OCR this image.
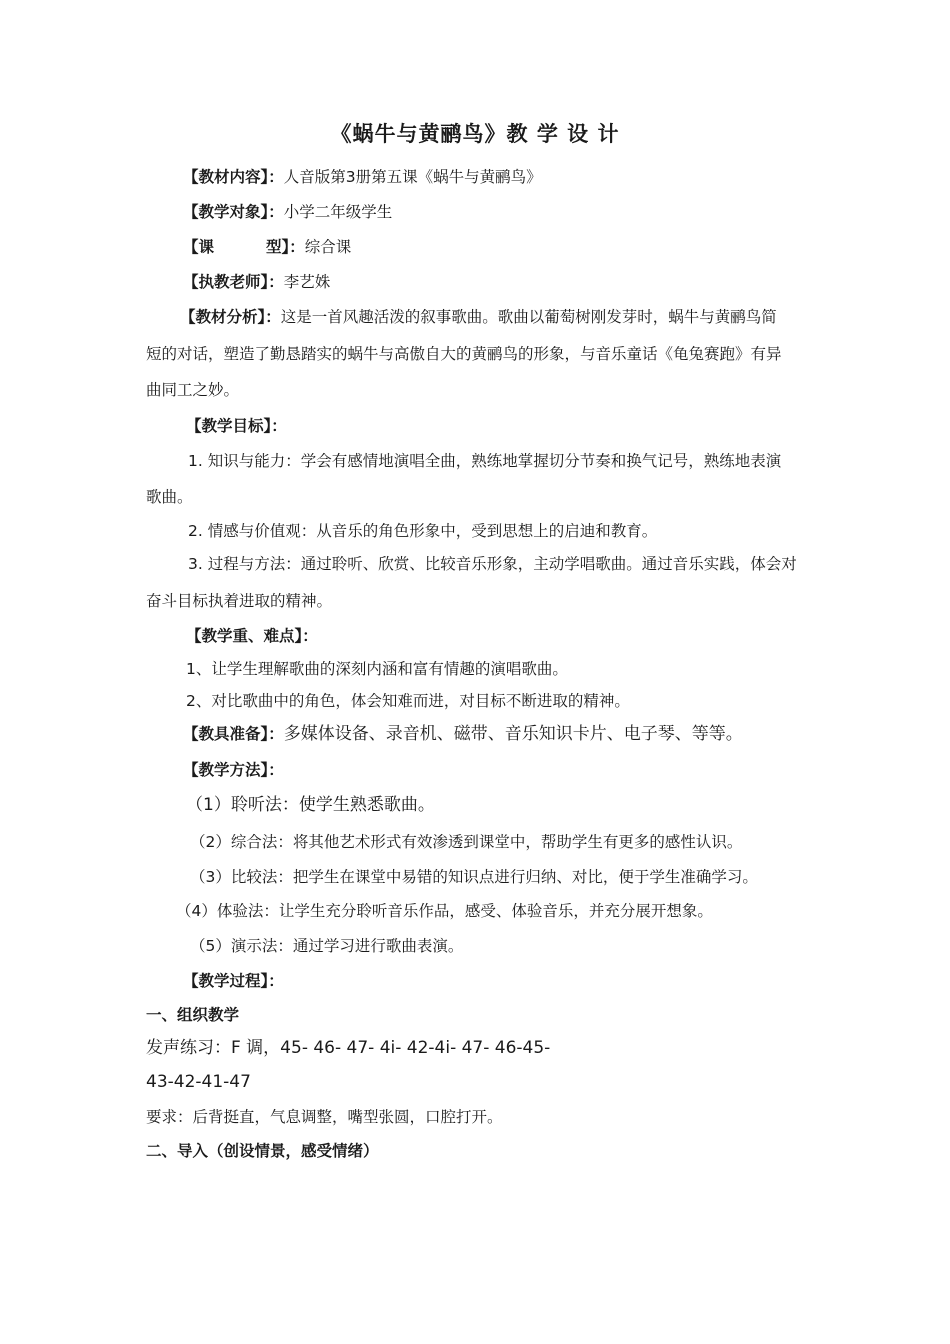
《蜗牛与黄鹂鸟》教 学 设 计
【教材内容】：人音版第3册第五课《蜗牛与黄鹂鸟》
【教学对象】：小学二年级学生
【课	型】：综合课
【执教老师】：李艺姝
【教材分析】：这是一首风趣活泼的叙事歌曲。歌曲以葡萄树刚发芽时，蜗牛与黄鹂鸟简
短的对话，塑造了勤恳踏实的蜗牛与高傲自大的黄鹂鸟的形象，与音乐童话《龟兔赛跑》有异
曲同工之妙。
【教学目标】：
1. 知识与能力：学会有感情地演唱全曲，熟练地掌握切分节奏和换气记号，熟练地表演
歌曲。
2. 情感与价值观：从音乐的角色形象中，受到思想上的启迪和教育。
3. 过程与方法：通过聆听、欣赏、比较音乐形象，主动学唱歌曲。通过音乐实践，体会对
奋斗目标执着进取的精神。
【教学重、难点】：
1、让学生理解歌曲的深刻内涵和富有情趣的演唱歌曲。
2、对比歌曲中的角色，体会知难而进，对目标不断进取的精神。
【教具准备】：多媒体设备、录音机、磁带、音乐知识卡片、电子琴、等等。
【教学方法】：
（1）聆听法：使学生熟悉歌曲。
（2）综合法：将其他艺术形式有效渗透到课堂中，帮助学生有更多的感性认识。
（3）比较法：把学生在课堂中易错的知识点进行归纳、对比，便于学生准确学习。
（4）体验法：让学生充分聆听音乐作品，感受、体验音乐，并充分展开想象。
（5）演示法：通过学习进行歌曲表演。
【教学过程】：
一、组织教学
发声练习：F 调，45- 46- 47- 4i- 42-4i- 47- 46-45-
43-42-41-47
要求：后背挺直，气息调整，嘴型张圆，口腔打开。
二、导入（创设情景，感受情绪）
